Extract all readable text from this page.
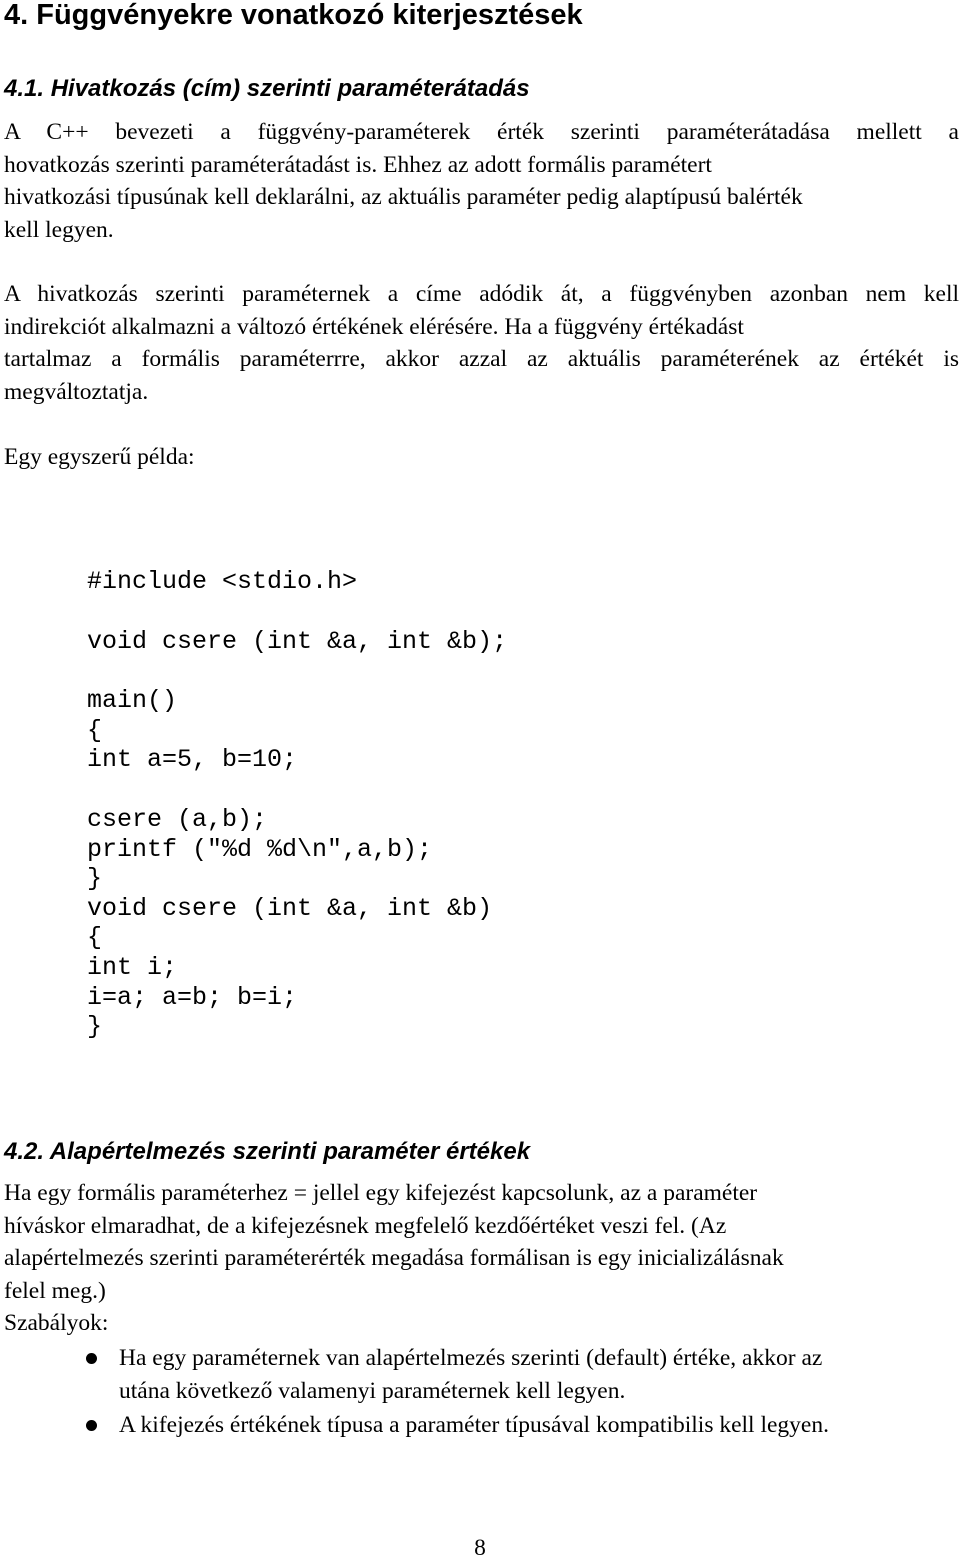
4. Függvényekre vonatkozó kiterjesztések
4.1. Hivatkozás (cím) szerinti paraméterátadás
A C++ bevezeti a függvény-paraméterek érték szerinti paraméterátadása mellett a
hovatkozás szerinti paraméterátadást is. Ehhez az adott formális paramétert
hivatkozási típusúnak kell deklarálni, az aktuális paraméter pedig alaptípusú balérték
kell legyen.
A hivatkozás szerinti paraméternek a címe adódik át, a függvényben azonban nem kell
indirekciót alkalmazni a változó értékének elérésére. Ha a függvény értékadást
tartalmaz a formális paraméterrre, akkor azzal az aktuális paraméterének az értékét is
megváltoztatja.
Egy egyszerű példa:
#include <stdio.h>
void csere (int &a, int &b);
main()
{
int a=5, b=10;
csere (a,b);
printf ("%d %d\n",a,b);
}
void csere (int &a, int &b)
{
int i;
i=a; a=b; b=i;
}
4.2. Alapértelmezés szerinti paraméter értékek
Ha egy formális paraméterhez = jellel egy kifejezést kapcsolunk, az a paraméter
híváskor elmaradhat, de a kifejezésnek megfelelő kezdőértéket veszi fel. (Az
alapértelmezés szerinti paraméterérték megadása formálisan is egy inicializálásnak
felel meg.)
Szabályok:
Ha egy paraméternek van alapértelmezés szerinti (default) értéke, akkor az
utána következő valamenyi paraméternek kell legyen.
A kifejezés értékének típusa a paraméter típusával kompatibilis kell legyen.
8
